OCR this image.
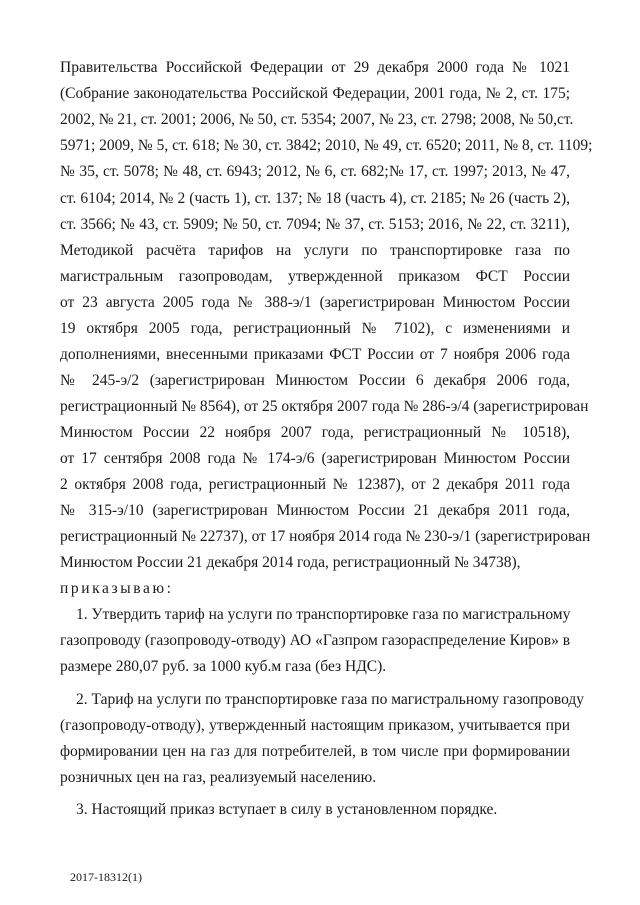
Правительства Российской Федерации от 29 декабря 2000 года № 1021
(Собрание законодательства Российской Федерации, 2001 года, № 2, ст. 175;
2002, № 21, ст. 2001; 2006, № 50, ст. 5354; 2007, № 23, ст. 2798; 2008, № 50,ст.
5971; 2009, № 5, ст. 618; № 30, ст. 3842; 2010, № 49, ст. 6520; 2011, № 8, ст. 1109;
№ 35, ст. 5078; № 48, ст. 6943; 2012, № 6, ст. 682;№ 17, ст. 1997; 2013, № 47,
ст. 6104; 2014, № 2 (часть 1), ст. 137; № 18 (часть 4), ст. 2185; № 26 (часть 2),
ст. 3566; № 43, ст. 5909; № 50, ст. 7094; № 37, ст. 5153; 2016, № 22, ст. 3211),
Методикой расчёта тарифов на услуги по транспортировке газа по
магистральным газопроводам, утвержденной приказом ФСТ России
от 23 августа 2005 года № 388-э/1 (зарегистрирован Минюстом России
19 октября 2005 года, регистрационный № 7102), с изменениями и
дополнениями, внесенными приказами ФСТ России от 7 ноября 2006 года
№ 245-э/2 (зарегистрирован Минюстом России 6 декабря 2006 года,
регистрационный № 8564), от 25 октября 2007 года № 286-э/4 (зарегистрирован
Минюстом России 22 ноября 2007 года, регистрационный № 10518),
от 17 сентября 2008 года № 174-э/6 (зарегистрирован Минюстом России
2 октября 2008 года, регистрационный № 12387), от 2 декабря 2011 года
№ 315-э/10 (зарегистрирован Минюстом России 21 декабря 2011 года,
регистрационный № 22737), от 17 ноября 2014 года № 230-э/1 (зарегистрирован
Минюстом России 21 декабря 2014 года, регистрационный № 34738),
приказываю:
1. Утвердить тариф на услуги по транспортировке газа по магистральному
газопроводу (газопроводу-отводу) АО «Газпром газораспределение Киров» в
размере 280,07 руб. за 1000 куб.м газа (без НДС).
2. Тариф на услуги по транспортировке газа по магистральному газопроводу
(газопроводу-отводу), утвержденный настоящим приказом, учитывается при
формировании цен на газ для потребителей, в том числе при формировании
розничных цен на газ, реализуемый населению.
3. Настоящий приказ вступает в силу в установленном порядке.
2017-18312(1)
